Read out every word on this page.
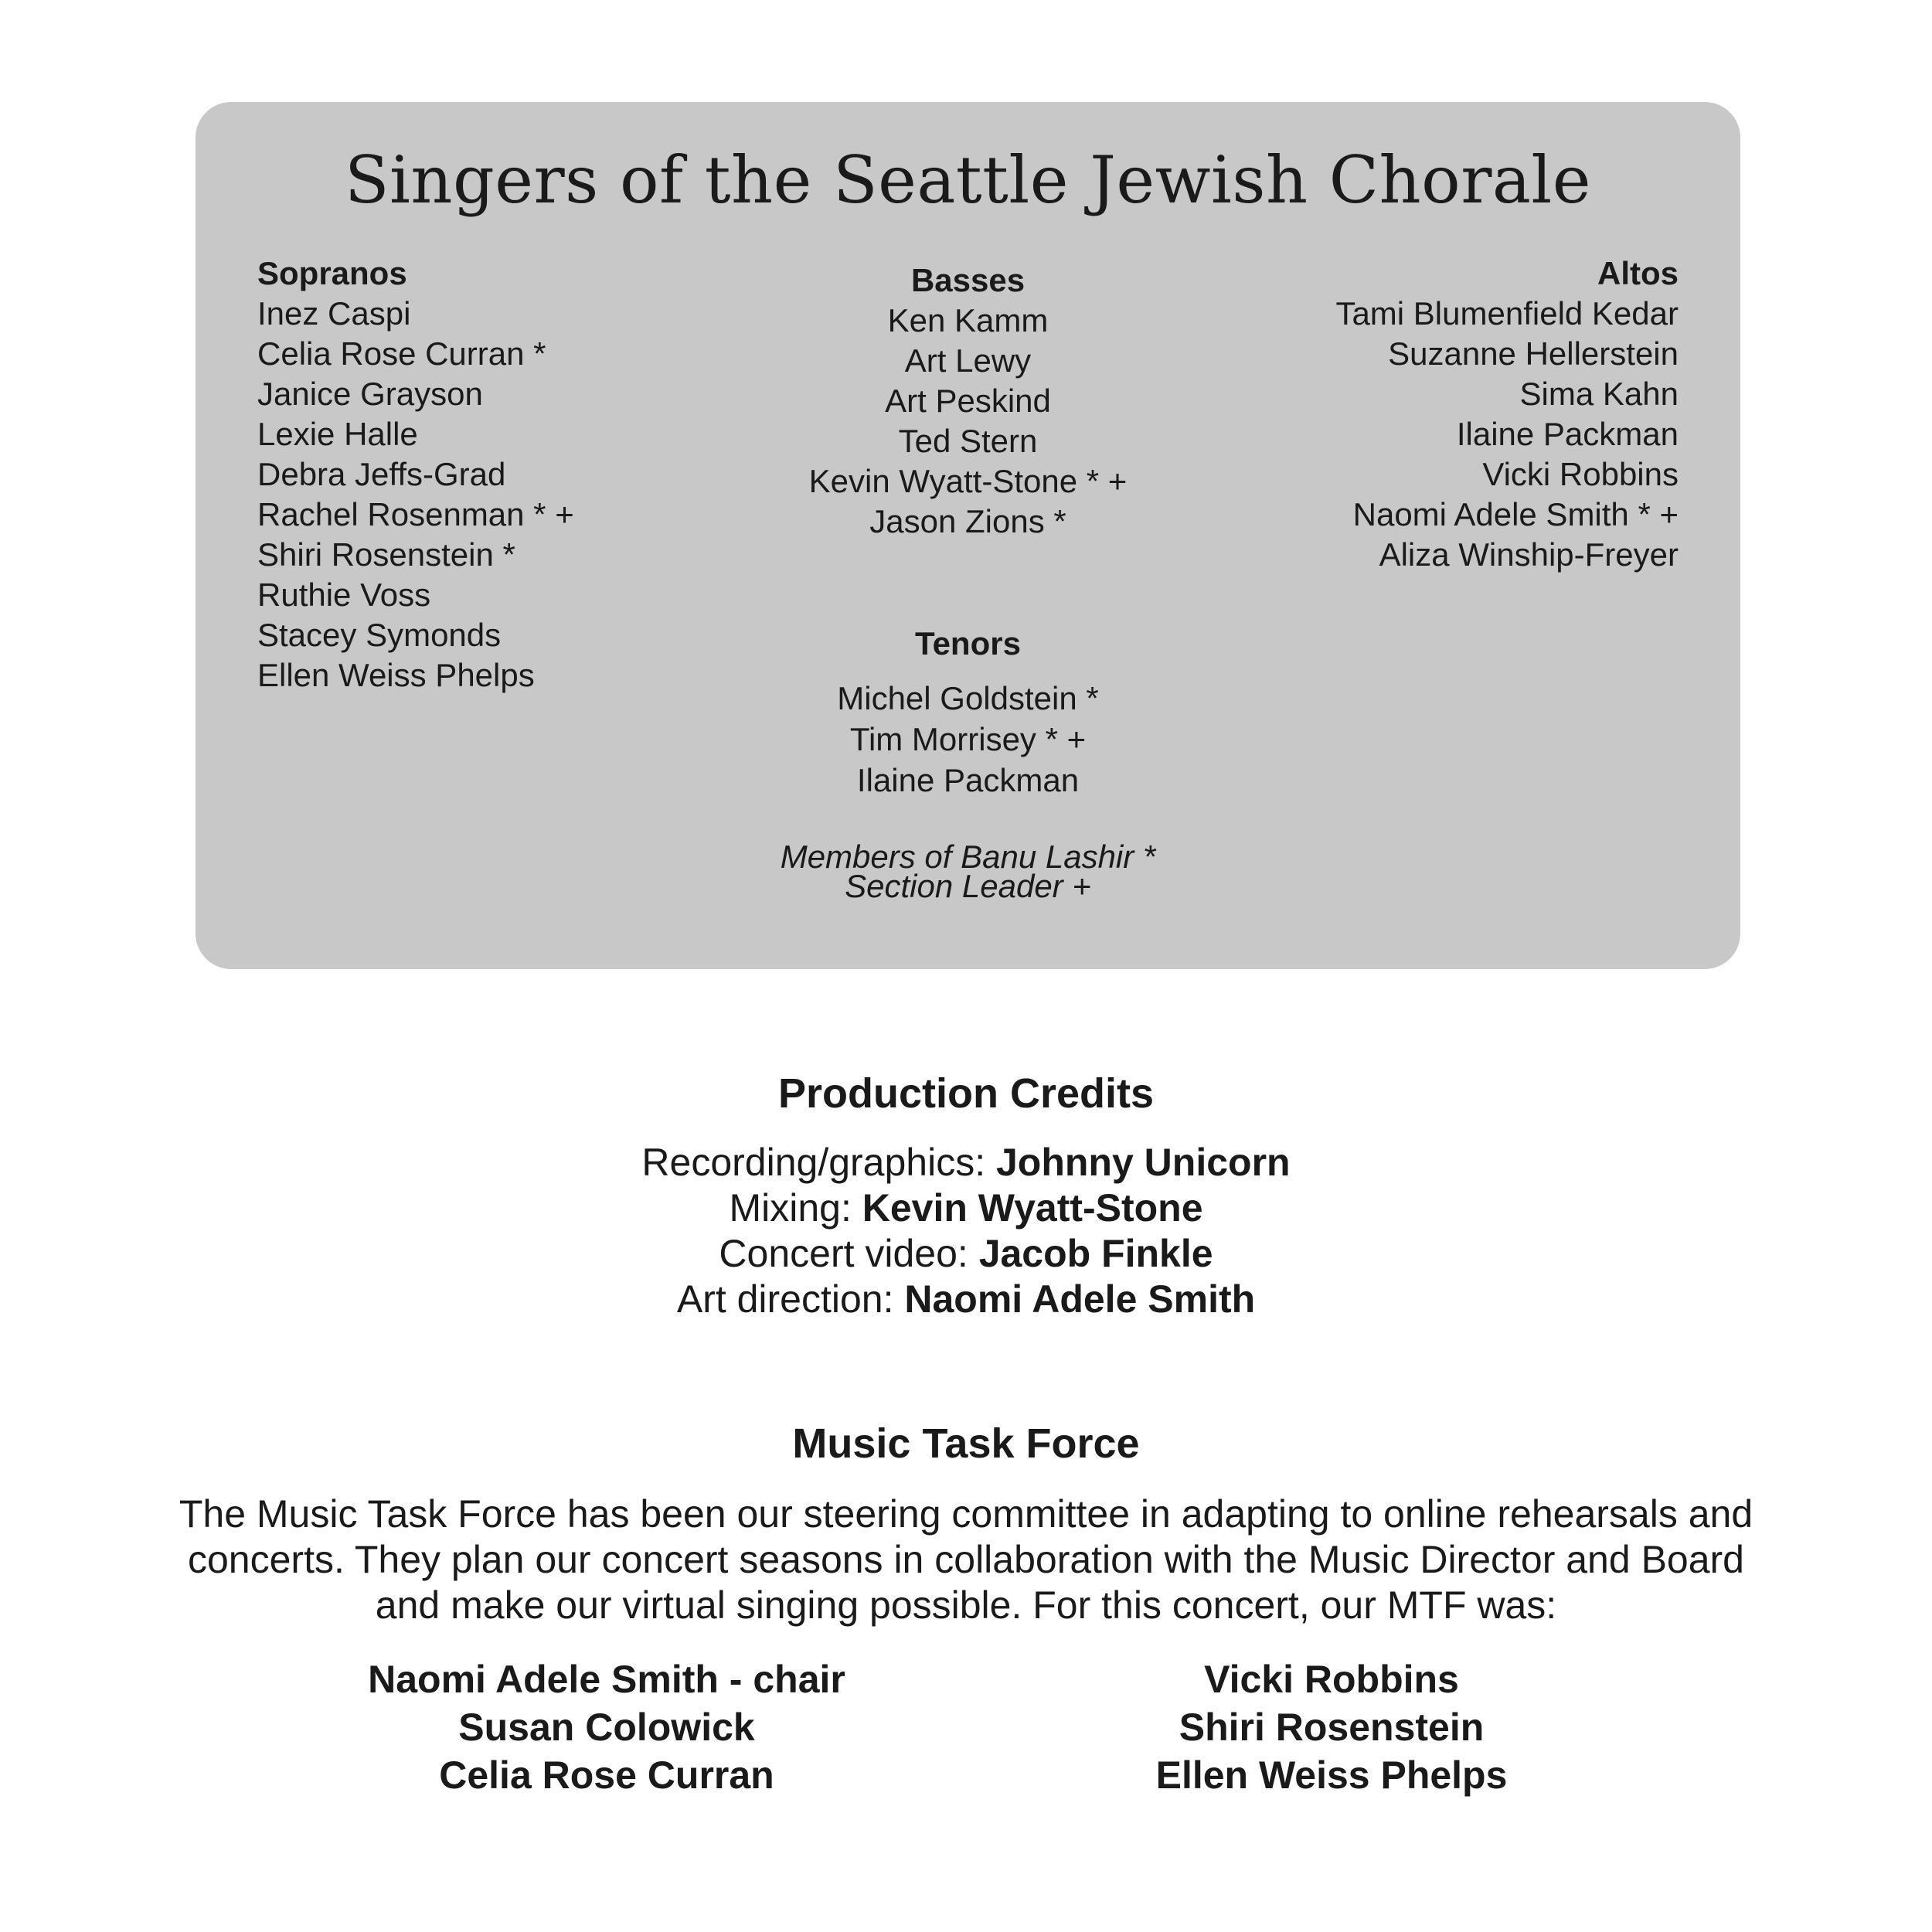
Singers of the Seattle Jewish Chorale
Sopranos
Inez Caspi
Celia Rose Curran *
Janice Grayson
Lexie Halle
Debra Jeffs-Grad
Rachel Rosenman * +
Shiri Rosenstein *
Ruthie Voss
Stacey Symonds
Ellen Weiss Phelps
Basses
Ken Kamm
Art Lewy
Art Peskind
Ted Stern
Kevin Wyatt-Stone * +
Jason Zions *
Altos
Tami Blumenfield Kedar
Suzanne Hellerstein
Sima Kahn
Ilaine Packman
Vicki Robbins
Naomi Adele Smith * +
Aliza Winship-Freyer
Tenors
Michel Goldstein *
Tim Morrisey * +
Ilaine Packman
Members of Banu Lashir *
Section Leader +
Production Credits
Recording/graphics: Johnny Unicorn
Mixing: Kevin Wyatt-Stone
Concert video: Jacob Finkle
Art direction: Naomi Adele Smith
Music Task Force

The Music Task Force has been our steering committee in adapting to online rehearsals and concerts. They plan our concert seasons in collaboration with the Music Director and Board and make our virtual singing possible. For this concert, our MTF was:

Naomi Adele Smith - chair
Susan Colowick
Celia Rose Curran
Vicki Robbins
Shiri Rosenstein
Ellen Weiss Phelps
